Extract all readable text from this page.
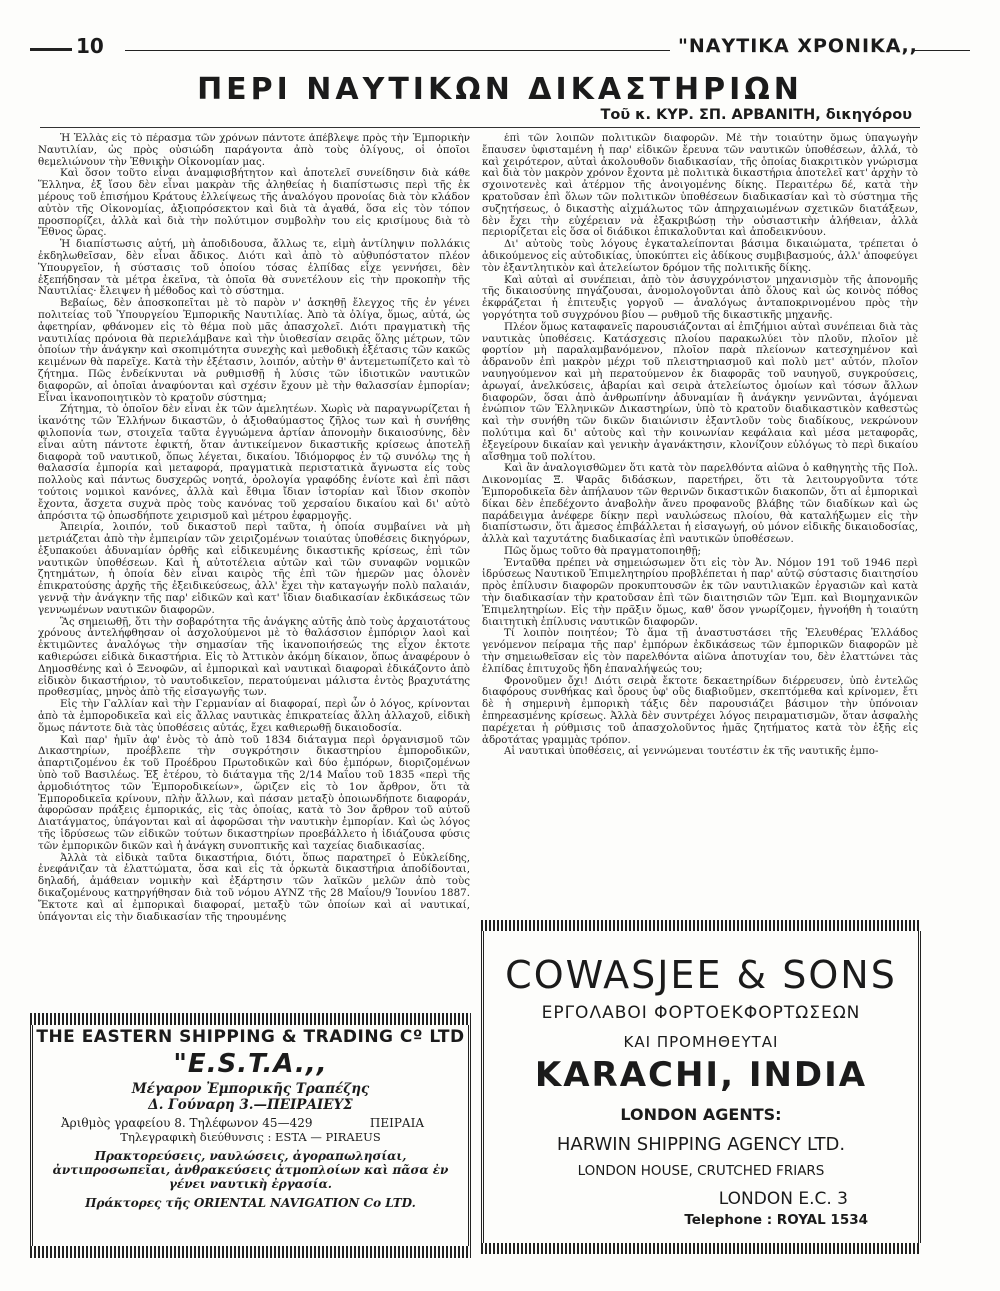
10	"ΝΑΥΤΙΚΑ ΧΡΟΝΙΚΑ,,
ΠΕΡΙ ΝΑΥΤΙΚΩΝ ΔΙΚΑΣΤΗΡΙΩΝ
Τοῦ κ. ΚΥΡ. ΣΠ. ΑΡΒΑΝΙΤΗ, δικηγόρου

Ἡ Ἑλλὰς εἰς τὸ πέρασμα τῶν χρόνων πάντοτε ἀπέβλεψε πρὸς τὴν Ἐμπορικὴν Ναυτιλίαν, ὡς πρὸς οὐσιώδη παράγοντα ἀπὸ τοὺς ὀλίγους, οἱ ὁποῖοι θεμελιώνουν τὴν Ἐθνικὴν Οἰκονομίαν μας.

Καὶ ὅσον τοῦτο εἶναι ἀναμφισβήτητον καὶ ἀποτελεῖ συνείδησιν διὰ κάθε Ἕλληνα, ἐξ ἴσου δὲν εἶναι μακρὰν τῆς ἀληθείας ἡ διαπίστωσις περὶ τῆς ἐκ μέρους τοῦ ἐπισήμου Κράτους ἐλλείψεως τῆς ἀναλόγου προνοίας διὰ τὸν κλάδον αὐτὸν τῆς Οἰκονομίας, ἀξιοπρόσεκτον καὶ διὰ τὰ ἀγαθά, ὅσα εἰς τὸν τόπον προσπορίζει, ἀλλὰ καὶ διὰ τὴν πολύτιμον συμβολὴν του εἰς κρισίμους διὰ τὸ Ἔθνος ὥρας.

Ἡ διαπίστωσις αὐτή, μὴ ἀποδιδουσα, ἄλλως τε, εἰμὴ ἀντίληψιν πολλάκις ἐκδηλωθεῖσαν, δὲν εἶναι ἄδικος. Διότι καὶ ἀπὸ τὸ αὐθυπόστατον πλέον Ὑπουργεῖον, ἡ σύστασις τοῦ ὁποίου τόσας ἐλπίδας εἶχε γεννήσει, δὲν ἐξεπήδησαν τὰ μέτρα ἐκεῖνα, τὰ ὁποῖα θὰ συνετέλουν εἰς τὴν προκοπὴν τῆς Ναυτιλίας· ἔλειψεν ἡ μέθοδος καὶ τὸ σύστημα.

Βεβαίως, δὲν ἀποσκοπεῖται μὲ τὸ παρὸν ν' ἀσκηθῇ ἔλεγχος τῆς ἐν γένει πολιτείας τοῦ Ὑπουργείου Ἐμπορικῆς Ναυτιλίας. Ἀπὸ τὰ ὀλίγα, ὅμως, αὐτά, ὡς ἀφετηρίαν, φθάνομεν εἰς τὸ θέμα ποὺ μᾶς ἀπασχολεῖ. Διότι πραγματικὴ τῆς ναυτιλίας πρόνοια θὰ περιελάμβανε καὶ τὴν ὑιοθεσίαν σειρᾶς ὅλης μέτρων, τῶν ὁποίων τὴν ἀνάγκην καὶ σκοπιμότητα συνεχὴς καὶ μεθοδικὴ ἐξέτασις τῶν κακῶς κειμένων θὰ παρεῖχε. Κατὰ τὴν ἐξέτασιν, λοιπόν, αὐτὴν θ' ἀντεμετωπίζετο καὶ τὸ ζήτημα. Πῶς ἐνδείκνυται νὰ ρυθμισθῇ ἡ λύσις τῶν ἰδιοτικῶν ναυτικῶν διαφορῶν, αἱ ὁποῖαι ἀναφύονται καὶ σχέσιν ἔχουν μὲ τὴν θαλασσίαν ἐμπορίαν; Εἶναι ἱκανοποιητικὸν τὸ κρατοῦν σύστημα;

Ζήτημα, τὸ ὁποῖον δὲν εἶναι ἐκ τῶν ἀμελητέων. Χωρὶς νὰ παραγνωρίζεται ἡ ἱκανότης τῶν Ἑλλήνων δικαστῶν, ὁ ἀξιοθαύμαστος ζῆλος των καὶ ἡ συνήθης φιλοπονία των, στοιχεῖα ταῦτα ἐγγυώμενα ἀρτίαν ἀπονομὴν δικαιοσύνης, δὲν εἶναι αὐτη πάντοτε ἐφικτή, ὅταν ἀντικείμενον δικαστικῆς κρίσεως ἀποτελῇ διαφορὰ τοῦ ναυτικοῦ, ὅπως λέγεται, δικαίου. Ἰδιόμορφος ἐν τῷ συνόλῳ της ἡ θαλασσία ἐμπορία καὶ μεταφορά, πραγματικὰ περιστατικὰ ἄγνωστα εἰς τοὺς πολλοὺς καὶ πάντως δυσχερῶς νοητά, ὁρολογία γραφόδης ἐνίοτε καὶ ἐπὶ πᾶσι τούτοις νομικοὶ κανόνες, ἀλλὰ καὶ ἔθιμα ἴδιαν ἰστορίαν καὶ ἴδιον σκοπὸν ἔχοντα, ἄσχετα συχνὰ πρὸς τοὺς κανόνας τοῦ χερσαίου δικαίου καὶ δι' αὐτὸ ἀπρόσιτα τῷ ὁπωσδήποτε χειρισμοῦ καὶ μέτρου ἐφαρμογῆς.

Ἀπειρία, λοιπόν, τοῦ δικαστοῦ περὶ ταῦτα, ἡ ὁποία συμβαίνει νὰ μὴ μετριάζεται ἀπὸ τὴν ἐμπειρίαν τῶν χειριζομένων τοιαύτας ὑποθέσεις δικηγόρων, ἐξυπακούει ἀδυναμίαν ὀρθῆς καὶ εἰδικευμένης δικαστικῆς κρίσεως, ἐπὶ τῶν ναυτικῶν ὑποθέσεων. Καὶ ἡ αὐτοτέλεια αὐτῶν καὶ τῶν συναφῶν νομικῶν ζητημάτων, ἡ ὁποία δὲν εἶναι καιρὸς τῆς ἐπὶ τῶν ἡμερῶν μας ὁλονὲν ἐπικρατούσης ἀρχῆς τῆς ἐξειδικεύσεως, ἀλλ' ἔχει τὴν καταγωγήν πολὺ παλαιάν, γεννᾷ τὴν ἀνάγκην τῆς παρ' εἰδικῶν καὶ κατ' ἴδιαν διαδικασίαν ἐκδικάσεως τῶν γεννωμένων ναυτικῶν διαφορῶν.

Ἂς σημειωθῇ, ὅτι τὴν σοβαρότητα τῆς ἀνάγκης αὐτῆς ἀπὸ τοὺς ἀρχαιοτάτους χρόνους ἀντελήφθησαν οἱ ἀσχολούμενοι μὲ τὸ θαλάσσιον ἐμπόριον λαοὶ καὶ ἐκτιμῶντες ἀναλόγως τὴν σημασίαν τῆς ἱκανοποιήσεώς της εἶχον ἐκτοτε καθιερώσει εἰδικὰ δικαστήρια. Εἰς τὸ Ἀττικὸν ἀκόμη δίκαιον, ὅπως ἀναφέρουν ὁ Δημοσθένης καὶ ὁ Ξενοφῶν, αἱ ἐμπορικαὶ καὶ ναυτικαὶ διαφοραὶ ἐδικάζοντο ἀπὸ εἰδικὸν δικαστήριον, τὸ ναυτοδικεῖον, περατούμεναι μάλιστα ἐντὸς βραχυτάτης προθεσμίας, μηνὸς ἀπὸ τῆς εἰσαγωγῆς των.

Εἰς τὴν Γαλλίαν καὶ τὴν Γερμανίαν αἱ διαφοραί, περὶ ὧν ὁ λόγος, κρίνονται ἀπὸ τὰ ἐμποροδικεῖα καὶ εἰς ἄλλας ναυτικὰς ἐπικρατείας ἄλλη ἀλλαχοῦ, εἰδικὴ ὅμως πάντοτε διὰ τὰς ὑποθέσεις αὐτάς, ἔχει καθιερωθῇ δικαιοδοσία.

Καὶ παρ' ἡμῖν ἀφ' ἑνὸς τὸ ἀπὸ τοῦ 1834 διάταγμα περὶ ὀργανισμοῦ τῶν Δικαστηρίων, προέβλεπε τὴν συγκρότησιν δικαστηρίου ἐμποροδικῶν, ἀπαρτιζομένου ἐκ τοῦ Προέδρου Πρωτοδικῶν καὶ δύο ἐμπόρων, διοριζομένων ὑπὸ τοῦ Βασιλέως. Ἐξ ἑτέρου, τὸ διάταγμα τῆς 2/14 Μαΐου τοῦ 1835 «περὶ τῆς ἁρμοδιότητος τῶν Ἐμποροδικείων», ὥριζεν εἰς τὸ 1ον ἄρθρον, ὅτι τὰ Ἐμποροδικεῖα κρίνουν, πλὴν ἄλλων, καὶ πάσαν μεταξὺ ὁποιωνδήποτε διαφοράν, ἀφορῶσαν πράξεις ἐμπορικάς, εἰς τὰς ὁποίας, κατὰ τὸ 3ον ἄρθρον τοῦ αὐτοῦ Διατάγματος, ὑπάγονται καὶ αἱ ἀφορῶσαι τὴν ναυτικὴν ἐμπορίαν. Καὶ ὡς λόγος τῆς ἱδρύσεως τῶν εἰδικῶν τούτων δικαστηρίων προεβάλλετο ἡ ἰδιάζουσα φύσις τῶν ἐμπορικῶν δικῶν καὶ ἡ ἀνάγκη συνοπτικῆς καὶ ταχείας διαδικασίας.

Ἀλλὰ τὰ εἰδικὰ ταῦτα δικαστήρια, διότι, ὅπως παρατηρεῖ ὁ Εὐκλείδης, ἐνεφάνιζαν τὰ ἐλαττώματα, ὅσα καὶ εἰς τὰ ὁρκωτὰ δικαστήρια ἀποδίδονται, δηλαδή, ἀμάθειαν νομικὴν καὶ ἐξάρτησιν τῶν λαϊκῶν μελῶν ἀπὸ τοὺς δικαζομένους κατηργήθησαν διὰ τοῦ νόμου ΑΥΝΖ τῆς 28 Μαΐου/9 Ἰουνίου 1887. Ἔκτοτε καὶ αἱ ἐμπορικαὶ διαφοραί, μεταξὺ τῶν ὁποίων καὶ αἱ ναυτικαί, ὑπάγονται εἰς τὴν διαδικασίαν τῆς τηρουμένης

ἐπὶ τῶν λοιπῶν πολιτικῶν διαφορῶν. Μὲ τὴν τοιαύτην ὅμως ὑπαγωγὴν ἔπαυσεν ὑφισταμένη ἡ παρ' εἰδικῶν ἔρευνα τῶν ναυτικῶν ὑποθέσεων, ἀλλά, τὸ καὶ χειρότερον, αὐταὶ ἀκολουθοῦν διαδικασίαν, τῆς ὁποίας διακριτικὸν γνώρισμα καὶ διὰ τὸν μακρὸν χρόνον ἔχοντα μὲ πολιτικὰ δικαστήρια ἀποτελεῖ κατ' ἀρχὴν τὸ σχοινοτενὲς καὶ ἀτέρμον τῆς ἀνοιγομένης δίκης. Περαιτέρω δέ, κατὰ τὴν κρατοῦσαν ἐπὶ ὅλων τῶν πολιτικῶν ὑποθέσεων διαδικασίαν καὶ τὸ σύστημα τῆς συζητήσεως, ὁ δικαστὴς αἰχμάλωτος τῶν ἀπηρχαιωμένων σχετικῶν διατάξεων, δὲν ἔχει τὴν εὐχέρειαν νὰ ἐξακριβώσῃ τὴν οὐσιαστικὴν ἀλήθειαν, ἀλλὰ περιορίζεται εἰς ὅσα οἱ διάδικοι ἐπικαλοῦνται καὶ ἀποδεικνύουν.

Δι' αὐτοὺς τοὺς λόγους ἐγκαταλείπονται βάσιμα δικαιώματα, τρέπεται ὁ ἀδικούμενος εἰς αὐτοδικίας, ὑποκύπτει εἰς ἀδίκους συμβιβασμούς, ἀλλ' ἀποφεύγει τὸν ἐξαντλητικὸν καὶ ἀτελείωτον δρόμον τῆς πολιτικῆς δίκης.

Καὶ αὐταὶ αἱ συνέπειαι, ἀπὸ τὸν ἀσυγχρόνιστον μηχανισμὸν τῆς ἀπονομῆς τῆς δικαιοσύνης πηγάζουσαι, ἀνομολογοῦνται ἀπὸ ὅλους καὶ ὡς κοινὸς πόθος ἐκφράζεται ἡ ἐπιτευξις γοργοῦ — ἀναλόγως ἀνταποκρινομένου πρὸς τὴν γοργότητα τοῦ συγχρόνου βίου — ρυθμοῦ τῆς δικαστικῆς μηχανῆς.

Πλέον ὅμως καταφανεῖς παρουσιάζονται αἱ ἐπιζήμιοι αὐταὶ συνέπειαι διὰ τὰς ναυτικὰς ὑποθέσεις. Κατάσχεσις πλοίου παρακωλύει τὸν πλοῦν, πλοῖον μὲ φορτίον μὴ παραλαμβανόμενον, πλοῖον παρὰ πλείονων κατεσχημένον καὶ ἀδρανοῦν ἐπὶ μακρὸν μέχρι τοῦ πλειστηριασμοῦ καὶ πολὺ μετ' αὐτόν, πλοῖον ναυηγούμενον καὶ μὴ περατούμενον ἐκ διαφορᾶς τοῦ ναυηγοῦ, συγκρούσεις, ἀρωγαί, ἀνελκύσεις, ἀβαρίαι καὶ σειρὰ ἀτελείωτος ὁμοίων καὶ τόσων ἄλλων διαφορῶν, ὅσαι ἀπὸ ἀνθρωπίνην ἀδυναμίαν ἢ ἀνάγκην γεννῶνται, ἀγόμεναι ἐνώπιον τῶν Ἑλληνικῶν Δικαστηρίων, ὑπὸ τὸ κρατοῦν διαδικαστικὸν καθεστὼς καὶ τὴν συνήθη τῶν δικῶν διαιώνισιν ἐξαντλοῦν τοὺς διαδίκους, νεκρώνουν πολύτιμα καὶ δι' αὐτοὺς καὶ τὴν κοινωνίαν κεφάλαια καὶ μέσα μεταφορᾶς, ἐξεγείρουν δικαίαν καὶ γενικὴν ἀγανάκτησιν, κλονίζουν εὐλόγως τὸ περὶ δικαίου αἴσθημα τοῦ πολίτου.

Καὶ ἂν ἀναλογισθῶμεν ὅτι κατὰ τὸν παρελθόντα αἰῶνα ὁ καθηγητὴς τῆς Πολ. Δικονομίας Ξ. Ψαρᾶς διδάσκων, παρετήρει, ὅτι τὰ λειτουργοῦντα τότε Ἐμποροδικεῖα δὲν ἀπήλαυον τῶν θερινῶν δικαστικῶν διακοπῶν, ὅτι αἱ ἐμπορικαὶ δίκαι δὲν ἐπεδέχοντο ἀναβολὴν ἄνευ προφανοῦς βλάβης τῶν διαδίκων καὶ ὡς παράδειγμα ἀνέφερε δίκην περὶ ναυλώσεως πλοίου, θὰ καταλήξωμεν εἰς τὴν διαπίστωσιν, ὅτι ἄμεσος ἐπιβάλλεται ἡ εἰσαγωγή, οὐ μόνον εἰδικῆς δικαιοδοσίας, ἀλλὰ καὶ ταχυτάτης διαδικασίας ἐπὶ ναυτικῶν ὑποθέσεων.

Πῶς ὅμως τοῦτο θὰ πραγματοποιηθῇ;

Ἐνταῦθα πρέπει νὰ σημειώσωμεν ὅτι εἰς τὸν Ἀν. Νόμον 191 τοῦ 1946 περὶ ἱδρύσεως Ναυτικοῦ Ἐπιμελητηρίου προβλέπεται ἡ παρ' αὐτῷ σύστασις διαιτησίου πρὸς ἐπίλυσιν διαφορῶν προκυπτουσῶν ἐκ τῶν ναυτιλιακῶν ἐργασιῶν καὶ κατὰ τὴν διαδικασίαν τὴν κρατοῦσαν ἐπὶ τῶν διαιτησιῶν τῶν Ἐμπ. καὶ Βιομηχανικῶν Ἐπιμελητηρίων. Εἰς τὴν πρᾶξιν ὅμως, καθ' ὅσον γνωρίζομεν, ἠγνοήθη ἡ τοιαύτη διαιτητικὴ ἐπίλυσις ναυτικῶν διαφορῶν.

Τί λοιπὸν ποιητέον; Τὸ ἅμα τῇ ἀναστυστάσει τῆς Ἐλευθέρας Ἑλλάδος γενόμενον πείραμα τῆς παρ' ἐμπόρων ἐκδικάσεως τῶν ἐμπορικῶν διαφορῶν μὲ τὴν σημειωθεῖσαν εἰς τὸν παρελθόντα αἰῶνα ἀποτυχίαν του, δὲν ἐλαττώνει τὰς ἐλπίδας ἐπιτυχοῦς ἤδη ἐπαναλήψεώς του;

Φρονοῦμεν ὄχι! Διότι σειρὰ ἔκτοτε δεκαετηρίδων διέρρευσεν, ὑπὸ ἐντελῶς διαφόρους συνθήκας καὶ ὅρους ὑφ' οὓς διαβιοῦμεν, σκεπτόμεθα καὶ κρίνομεν, ἔτι δὲ ἡ σημερινὴ ἐμπορικὴ τάξις δὲν παρουσιάζει βάσιμον τὴν ὑπόνοιαν ἐπηρεασμένης κρίσεως. Ἀλλὰ δὲν συντρέχει λόγος πειραματισμῶν, ὅταν ἀσφαλὴς παρέχεται ἡ ρύθμισις τοῦ ἀπασχολοῦντος ἡμᾶς ζητήματος κατὰ τὸν ἑξῆς εἰς ἁδροτάτας γραμμὰς τρόπον.

Αἱ ναυτικαὶ ὑποθέσεις, αἱ γεννώμεναι τουτέστιν ἐκ τῆς ναυτικῆς ἐμπο-

THE EASTERN SHIPPING & TRADING Cº LTD
"E.S.T.A.,,
Μέγαρον Ἐμπορικῆς Τραπέζης
Δ. Γούναρη 3.—ΠΕΙΡΑΙΕΥΣ
Ἀριθμὸς γραφείου 8. Τηλέφωνον 45—429	ΠΕΙΡΑΙΑ
Τηλεγραφικὴ διεύθυνσις : ESTA — PIRAEUS
Πρακτορεύσεις, ναυλώσεις, ἀγοραπωλησίαι, ἀντιπροσωπεῖαι, ἀνθρακεύσεις ἀτμοπλοίων καὶ πᾶσα ἐν γένει ναυτικὴ ἐργασία.
Πράκτορες τῆς ORIENTAL NAVIGATION Co LTD.
COWASJEE & SONS
ΕΡΓΟΛΑΒΟΙ ΦΟΡΤΟΕΚΦΟΡΤΩΣΕΩΝ
ΚΑΙ ΠΡΟΜΗΘΕΥΤΑΙ
KARACHI, INDIA
LONDON AGENTS:
HARWIN SHIPPING AGENCY LTD.
LONDON HOUSE, CRUTCHED FRIARS
LONDON E.C. 3
Telephone : ROYAL 1534
